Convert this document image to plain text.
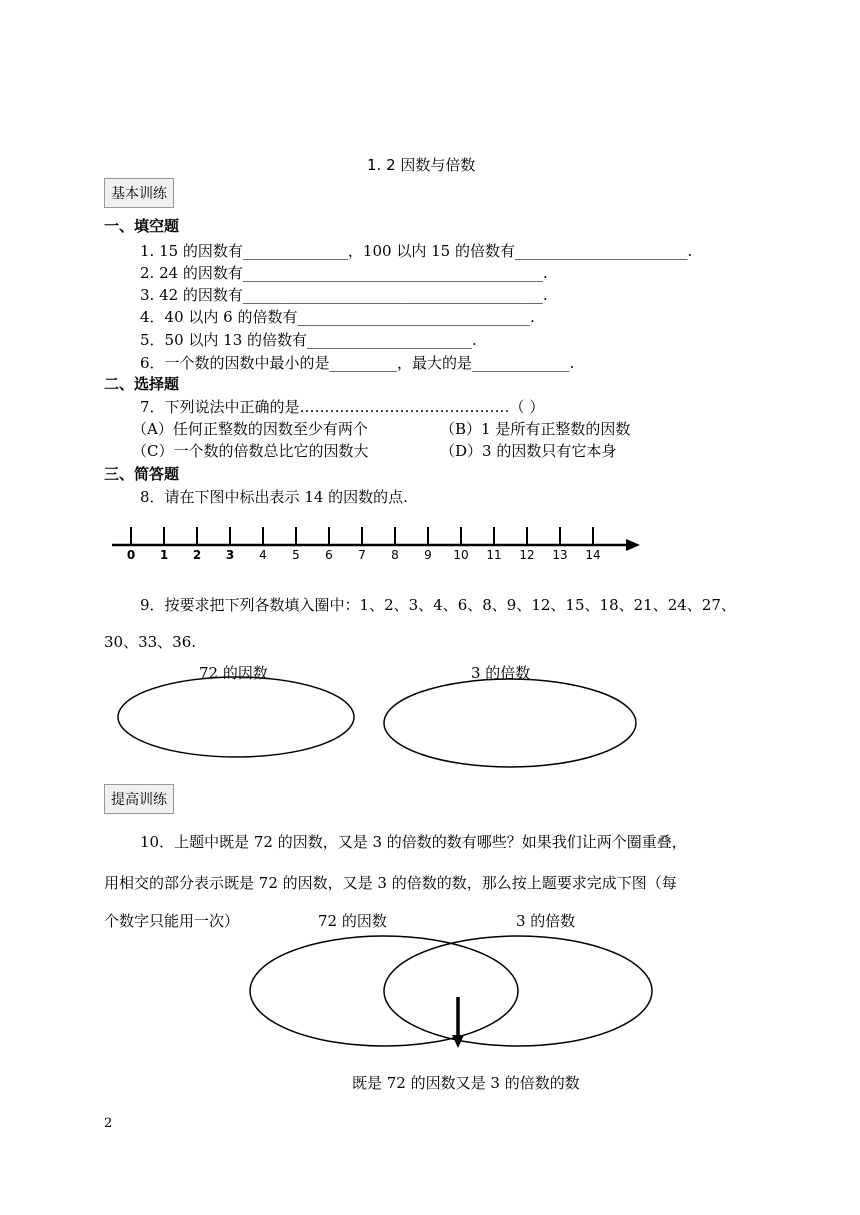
1. 2 因数与倍数
基本训练
一、填空题
1. 15 的因数有______________，100 以内 15 的倍数有_______________________.
2. 24 的因数有________________________________________.
3. 42 的因数有________________________________________.
4．40 以内 6 的倍数有_______________________________.
5．50 以内 13 的倍数有______________________.
6．一个数的因数中最小的是_________，最大的是_____________.
二、选择题
7．下列说法中正确的是……………………………………（ ）
（A）任何正整数的因数至少有两个	（B）1 是所有正整数的因数
（C）一个数的倍数总比它的因数大	（D）3 的因数只有它本身
三、简答题
8．请在下图中标出表示 14 的因数的点.
0 1 2 3 4 5 6 7 8 9 10 11 12 13 14
9．按要求把下列各数填入圈中：1、2、3、4、6、8、9、12、15、18、21、24、27、
30、33、36.
72 的因数	3 的倍数
提高训练
10．上题中既是 72 的因数，又是 3 的倍数的数有哪些？如果我们让两个圈重叠，
用相交的部分表示既是 72 的因数，又是 3 的倍数的数，那么按上题要求完成下图（每
个数字只能用一次）	72 的因数	3 的倍数
既是 72 的因数又是 3 的倍数的数
2
